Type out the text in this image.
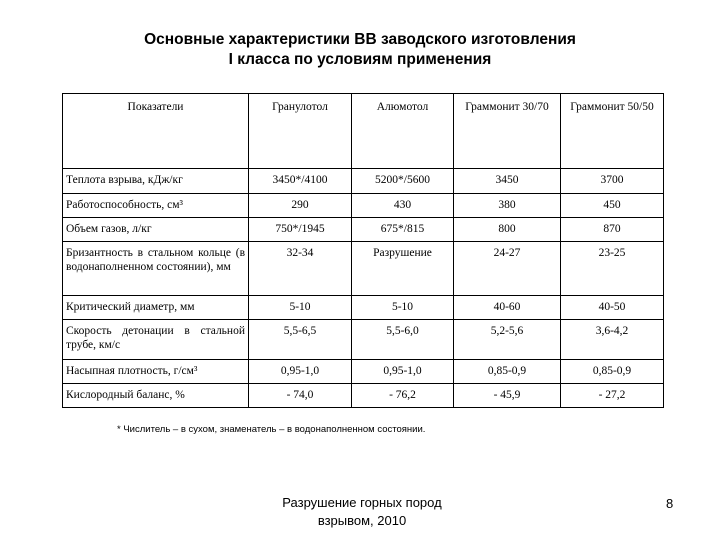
Основные характеристики ВВ заводского изготовления
I класса по условиям применения
Показатели	Гранулотол	Алюмотол	Граммонит 30/70	Граммонит 50/50
Теплота взрыва, кДж/кг	3450*/4100	5200*/5600	3450	3700
Работоспособность, см³	290	430	380	450
Объем газов, л/кг	750*/1945	675*/815	800	870
Бризантность в стальном кольце (в водонаполненном состоянии), мм	32-34	Разрушение	24-27	23-25
Критический диаметр, мм	5-10	5-10	40-60	40-50
Скорость детонации в стальной трубе, км/с	5,5-6,5	5,5-6,0	5,2-5,6	3,6-4,2
Насыпная плотность, г/см³	0,95-1,0	0,95-1,0	0,85-0,9	0,85-0,9
Кислородный баланс, %	- 74,0	- 76,2	- 45,9	- 27,2
* Числитель – в сухом, знаменатель – в водонаполненном состоянии.
Разрушение горных пород
взрывом, 2010
8
